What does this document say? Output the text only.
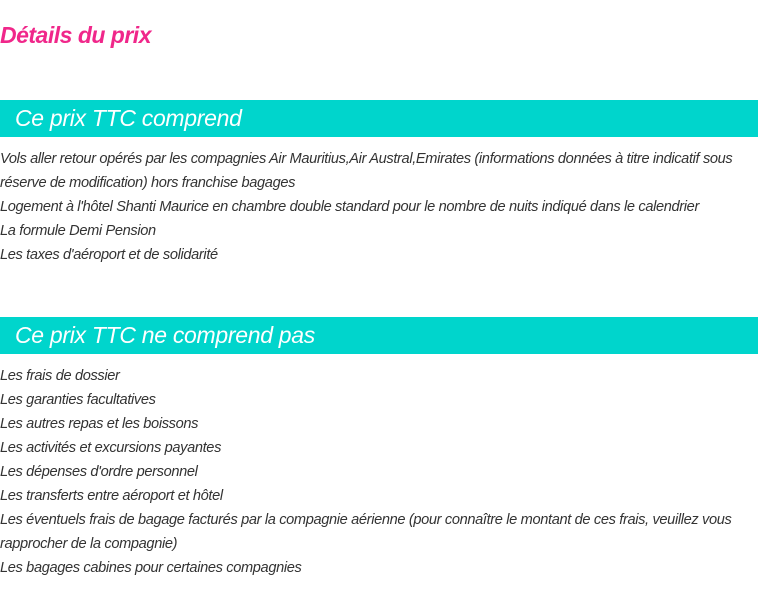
Détails du prix
Ce prix TTC comprend
Vols aller retour opérés par les compagnies Air Mauritius,Air Austral,Emirates (informations données à titre indicatif sous réserve de modification) hors franchise bagages
Logement à l'hôtel Shanti Maurice en chambre double standard pour le nombre de nuits indiqué dans le calendrier
La formule Demi Pension
Les taxes d'aéroport et de solidarité
Ce prix TTC ne comprend pas
Les frais de dossier
Les garanties facultatives
Les autres repas et les boissons
Les activités et excursions payantes
Les dépenses d'ordre personnel
Les transferts entre aéroport et hôtel
Les éventuels frais de bagage facturés par la compagnie aérienne (pour connaître le montant de ces frais, veuillez vous rapprocher de la compagnie)
Les bagages cabines pour certaines compagnies
